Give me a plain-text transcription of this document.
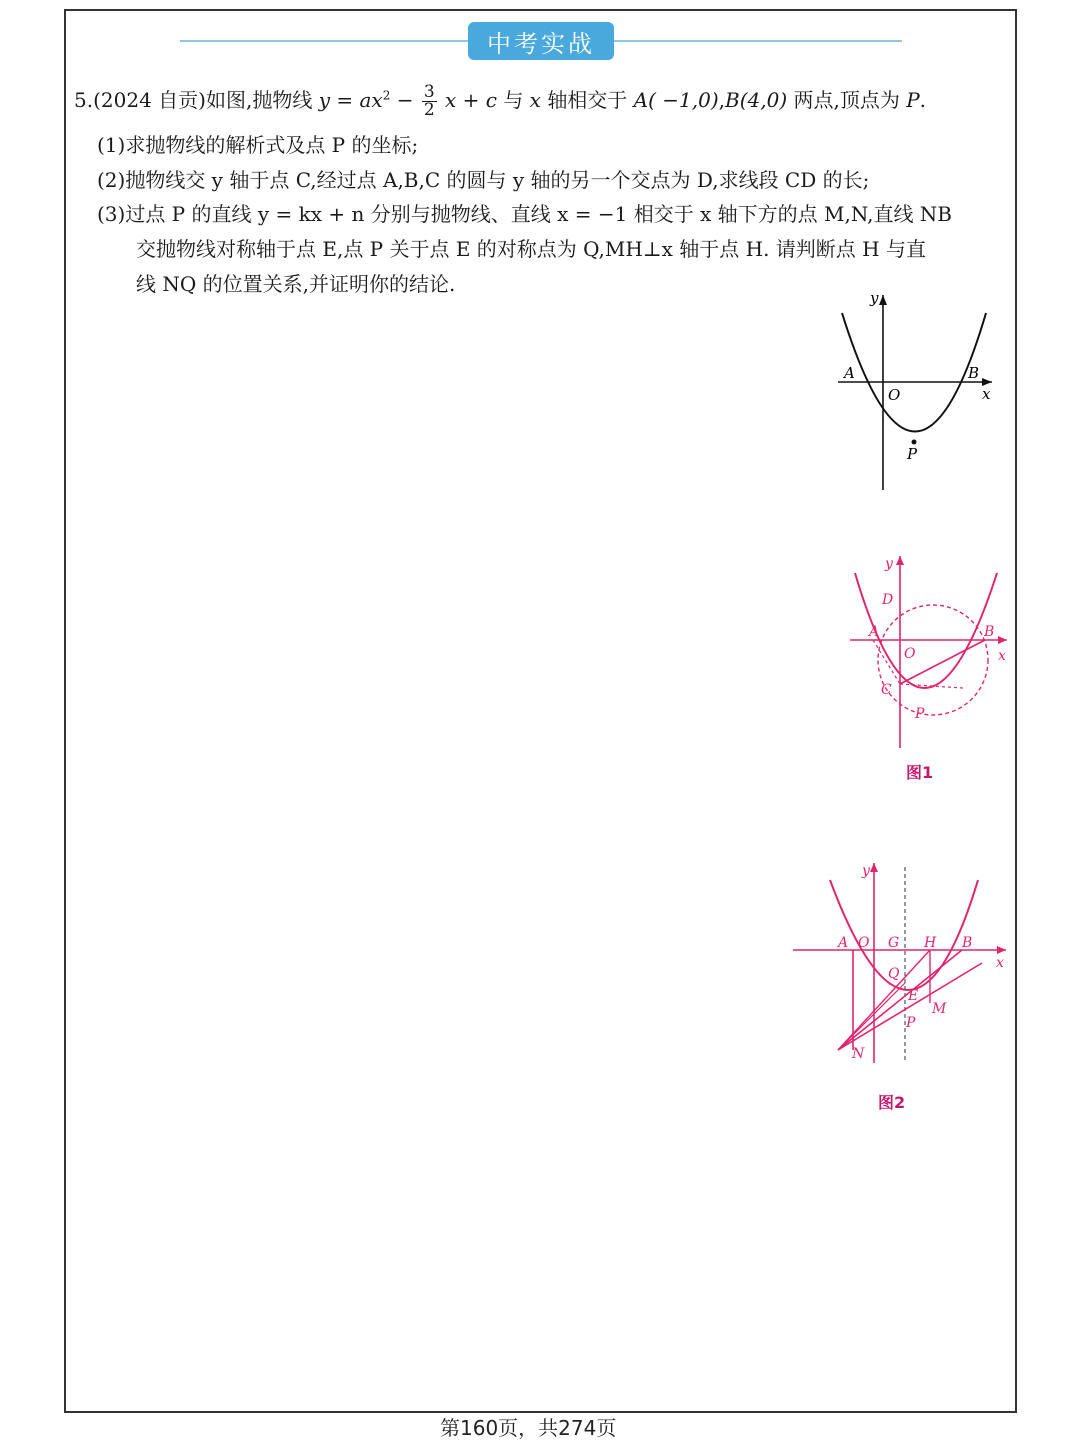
中考实战
5.(2024 自贡)如图,抛物线 $y = ax^2 - \frac{3}{2}$ x + c 与 x 轴相交于 A( −1,0),B(4,0) 两点,顶点为 P.
(1)求抛物线的解析式及点 P 的坐标;
(2)抛物线交 y 轴于点 C,经过点 A,B,C 的圆与 y 轴的另一个交点为 D,求线段 CD 的长;
(3)过点 P 的直线 y = kx + n 分别与抛物线、直线 x = −1 相交于 x 轴下方的点 M,N,直线 NB
交抛物线对称轴于点 E,点 P 关于点 E 的对称点为 Q,MH⊥x 轴于点 H. 请判断点 H 与直
线 NQ 的位置关系,并证明你的结论.
y
x
A	B
O
P
y
x
A	B
O
C
D
P
图1
y
x
A O G H B
Q
E
P
M
N
图2
第160页，共274页
